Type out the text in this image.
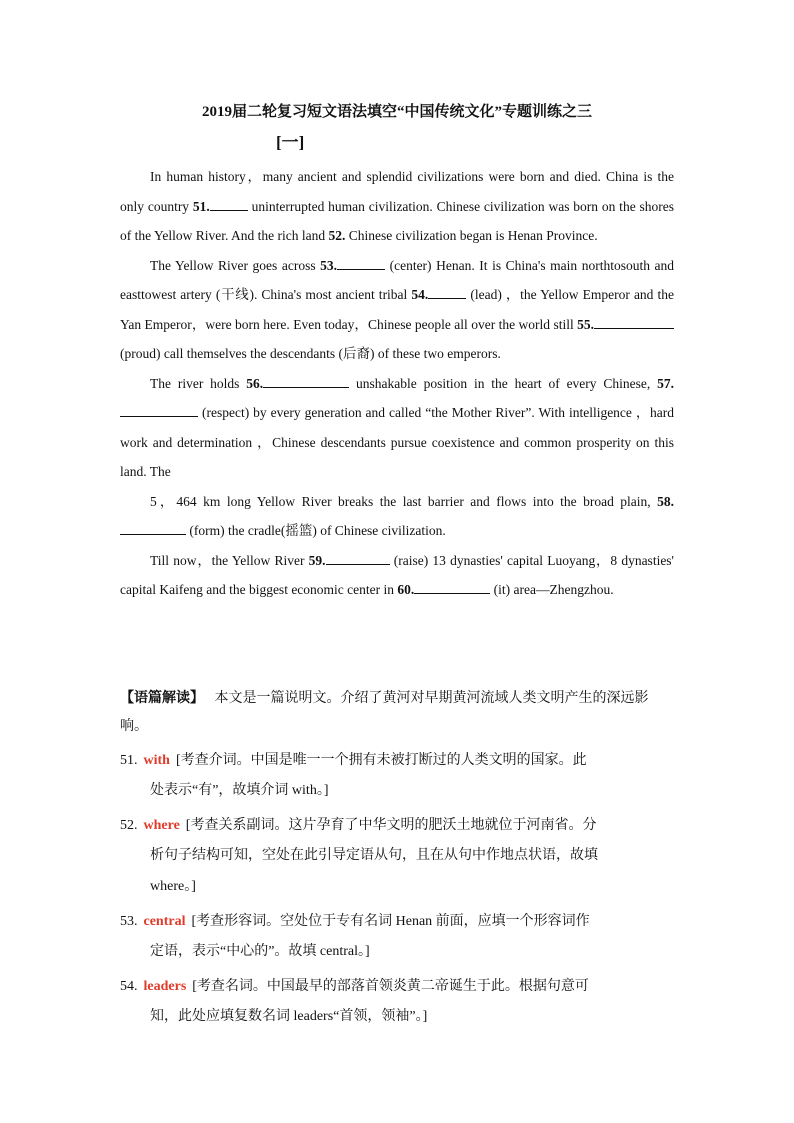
2019届二轮复习短文语法填空“中国传统文化”专题训练之三
[一]

In human history，many ancient and splendid civilizations were born and died. China is the only country 51.	uninterrupted human civilization. Chinese civilization was born on the shores of the Yellow River. And the rich land 52. Chinese civilization began is Henan Province.

The Yellow River goes across 53.	(center) Henan. It is China's main northtosouth and easttowest artery (干线). China's most ancient tribal 54.	(lead) ，the Yellow Emperor and the Yan Emperor，were born here. Even today，Chinese people all over the world still 55. (proud) call themselves the descendants (后裔) of these two emperors.

The river holds 56.	unshakable position in the heart of every Chinese, 57. (respect) by every generation and called “the Mother River”. With intelligence ，hard work and determination ，Chinese descendants pursue coexistence and common prosperity on this land. The

5，464 km long Yellow River breaks the last barrier and flows into the broad plain, 58. (form) the cradle(摇篮) of Chinese civilization.

Till now，the Yellow River 59.	(raise) 13 dynasties' capital Luoyang，8 dynasties' capital Kaifeng and the biggest economic center in 60.	(it) area—Zhengzhou.

【语篇解读】 本文是一篇说明文。介绍了黄河对早期黄河流域人类文明产生的深远影响。

51. with [考查介词。中国是唯一一个拥有未被打断过的人类文明的国家。此
处表示“有”，故填介词 with。]
52. where [考查关系副词。这片孕育了中华文明的肥沃土地就位于河南省。分
析句子结构可知，空处在此引导定语从句，且在从句中作地点状语，故填
where。]
53. central [考查形容词。空处位于专有名词 Henan 前面，应填一个形容词作
定语，表示“中心的”。故填 central。]
54. leaders [考查名词。中国最早的部落首领炎黄二帝诞生于此。根据句意可
知，此处应填复数名词 leaders“首领，领袖”。]
